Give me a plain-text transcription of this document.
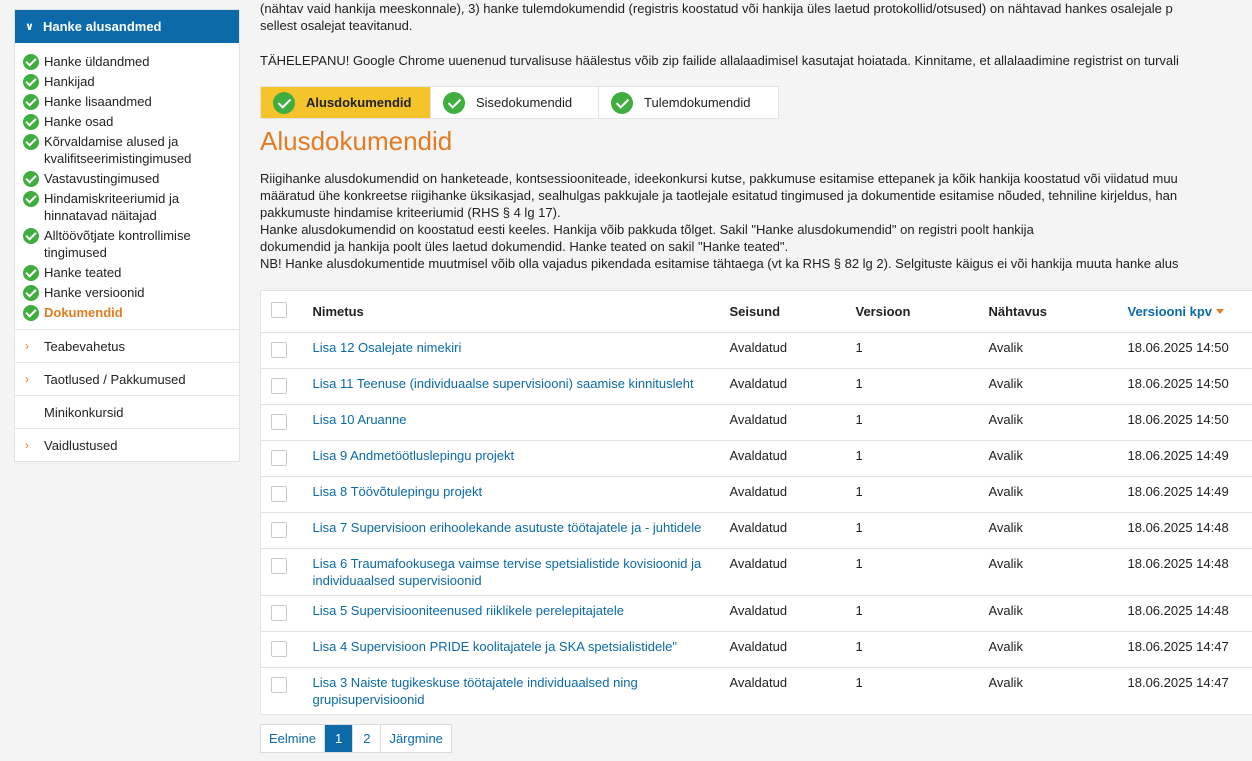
∨ Hanke alusandmed
Hanke üldandmed
Hankijad
Hanke lisaandmed
Hanke osad
Kõrvaldamise alused ja kvalifitseerimistingimused
Vastavustingimused
Hindamiskriteeriumid ja hinnatavad näitajad
Alltöövõtjate kontrollimise tingimused
Hanke teated
Hanke versioonid
Dokumendid
›	Teabevahetus
›	Taotlused / Pakkumused
Minikonkursid
›	Vaidlustused

(nähtav vaid hankija meeskonnale), 3) hanke tulemdokumendid (registris koostatud või hankija üles laetud protokollid/otsused) on nähtavad hankes osalejale p

sellest osalejat teavitanud.

TÄHELEPANU! Google Chrome uuenenud turvalisuse häälestus võib zip failide allalaadimisel kasutajat hoiatada. Kinnitame, et allalaadimine registrist on turvali

Alusdokumendid	Sisedokumendid	Tulemdokumendid
Alusdokumendid

Riigihanke alusdokumendid on hanketeade, kontsessiooniteade, ideekonkursi kutse, pakkumuse esitamise ettepanek ja kõik hankija koostatud või viidatud muu

määratud ühe konkreetse riigihanke üksikasjad, sealhulgas pakkujale ja taotlejale esitatud tingimused ja dokumentide esitamise nõuded, tehniline kirjeldus, han

pakkumuste hindamise kriteeriumid (RHS § 4 lg 17).

Hanke alusdokumendid on koostatud eesti keeles. Hankija võib pakkuda tõlget. Sakil "Hanke alusdokumendid" on registri poolt hankija

dokumendid ja hankija poolt üles laetud dokumendid. Hanke teated on sakil "Hanke teated".

NB! Hanke alusdokumentide muutmisel võib olla vajadus pikendada esitamise tähtaega (vt ka RHS § 82 lg 2). Selgituste käigus ei või hankija muuta hanke alus

	Nimetus	Seisund	Versioon	Nähtavus	Versiooni kpv
	Lisa 12 Osalejate nimekiri	Avaldatud	1	Avalik	18.06.2025 14:50
	Lisa 11 Teenuse (individuaalse supervisiooni) saamise kinnitusleht	Avaldatud	1	Avalik	18.06.2025 14:50
	Lisa 10 Aruanne	Avaldatud	1	Avalik	18.06.2025 14:50
	Lisa 9 Andmetöötluslepingu projekt	Avaldatud	1	Avalik	18.06.2025 14:49
	Lisa 8 Töövõtulepingu projekt	Avaldatud	1	Avalik	18.06.2025 14:49
	Lisa 7 Supervisioon erihoolekande asutuste töötajatele ja - juhtidele	Avaldatud	1	Avalik	18.06.2025 14:48
	Lisa 6 Traumafookusega vaimse tervise spetsialistide kovisioonid ja individuaalsed supervisioonid	Avaldatud	1	Avalik	18.06.2025 14:48
	Lisa 5 Supervisiooniteenused riiklikele perelepitajatele	Avaldatud	1	Avalik	18.06.2025 14:48
	Lisa 4 Supervisioon PRIDE koolitajatele ja SKA spetsialistidele"	Avaldatud	1	Avalik	18.06.2025 14:47
	Lisa 3 Naiste tugikeskuse töötajatele individuaalsed ning grupisupervisioonid	Avaldatud	1	Avalik	18.06.2025 14:47
Eelmine	1	2	Järgmine
